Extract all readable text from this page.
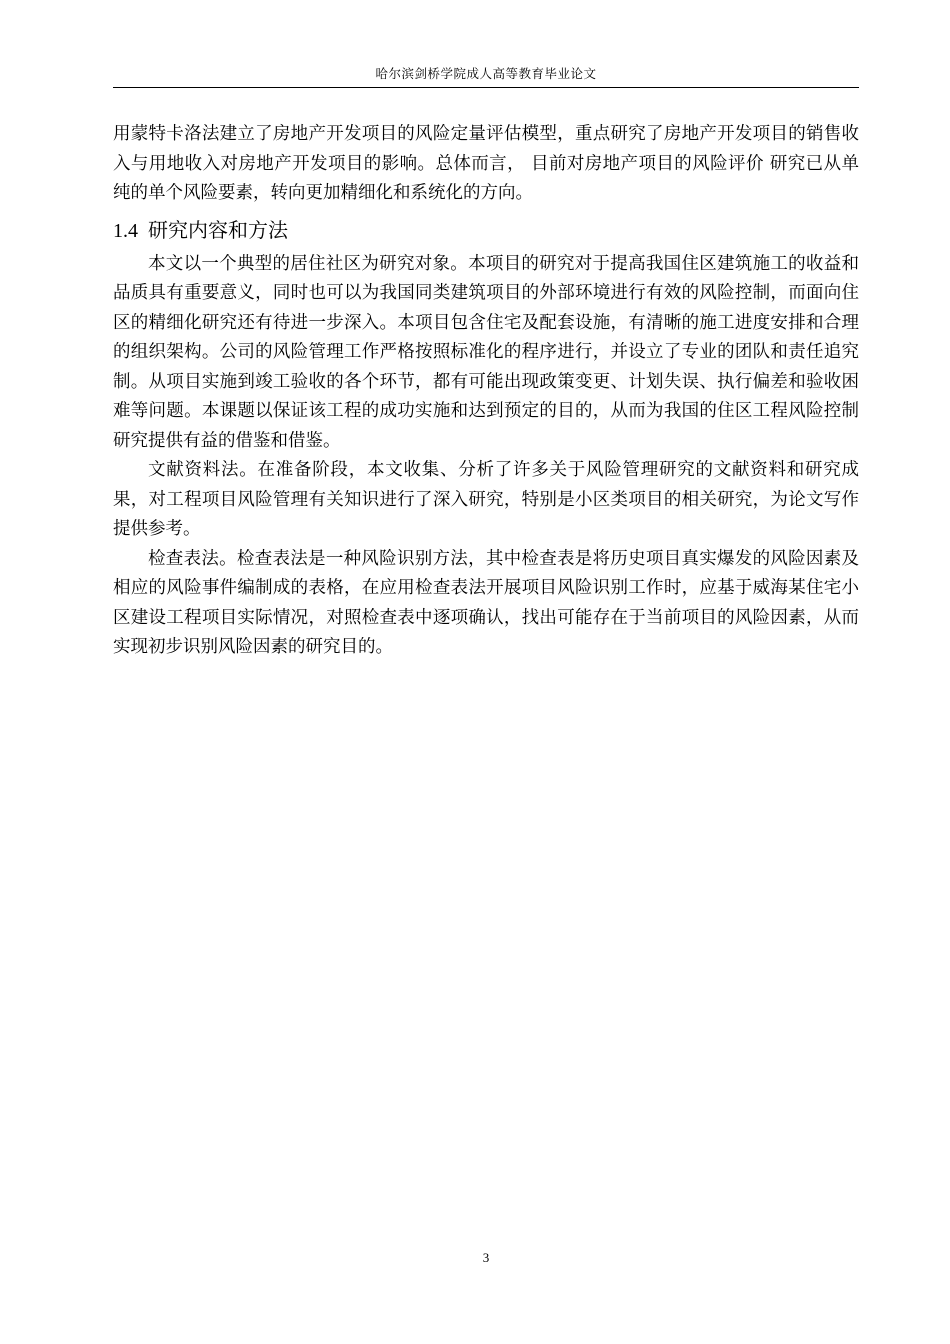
哈尔滨剑桥学院成人高等教育毕业论文

用蒙特卡洛法建立了房地产开发项目的风险定量评估模型，重点研究了房地产开发项目的销售收入与用地收入对房地产开发项目的影响。总体而言， 目前对房地产项目的风险评价 研究已从单纯的单个风险要素，转向更加精细化和系统化的方向。

1.4 研究内容和方法

本文以一个典型的居住社区为研究对象。本项目的研究对于提高我国住区建筑施工的收益和品质具有重要意义，同时也可以为我国同类建筑项目的外部环境进行有效的风险控制，而面向住区的精细化研究还有待进一步深入。本项目包含住宅及配套设施，有清晰的施工进度安排和合理的组织架构。公司的风险管理工作严格按照标准化的程序进行，并设立了专业的团队和责任追究制。从项目实施到竣工验收的各个环节，都有可能出现政策变更、计划失误、执行偏差和验收困难等问题。本课题以保证该工程的成功实施和达到预定的目的，从而为我国的住区工程风险控制研究提供有益的借鉴和借鉴。

文献资料法。在准备阶段，本文收集、分析了许多关于风险管理研究的文献资料和研究成果，对工程项目风险管理有关知识进行了深入研究，特别是小区类项目的相关研究，为论文写作提供参考。

检查表法。检查表法是一种风险识别方法，其中检查表是将历史项目真实爆发的风险因素及相应的风险事件编制成的表格，在应用检查表法开展项目风险识别工作时，应基于威海某住宅小区建设工程项目实际情况，对照检查表中逐项确认，找出可能存在于当前项目的风险因素，从而实现初步识别风险因素的研究目的。

3
